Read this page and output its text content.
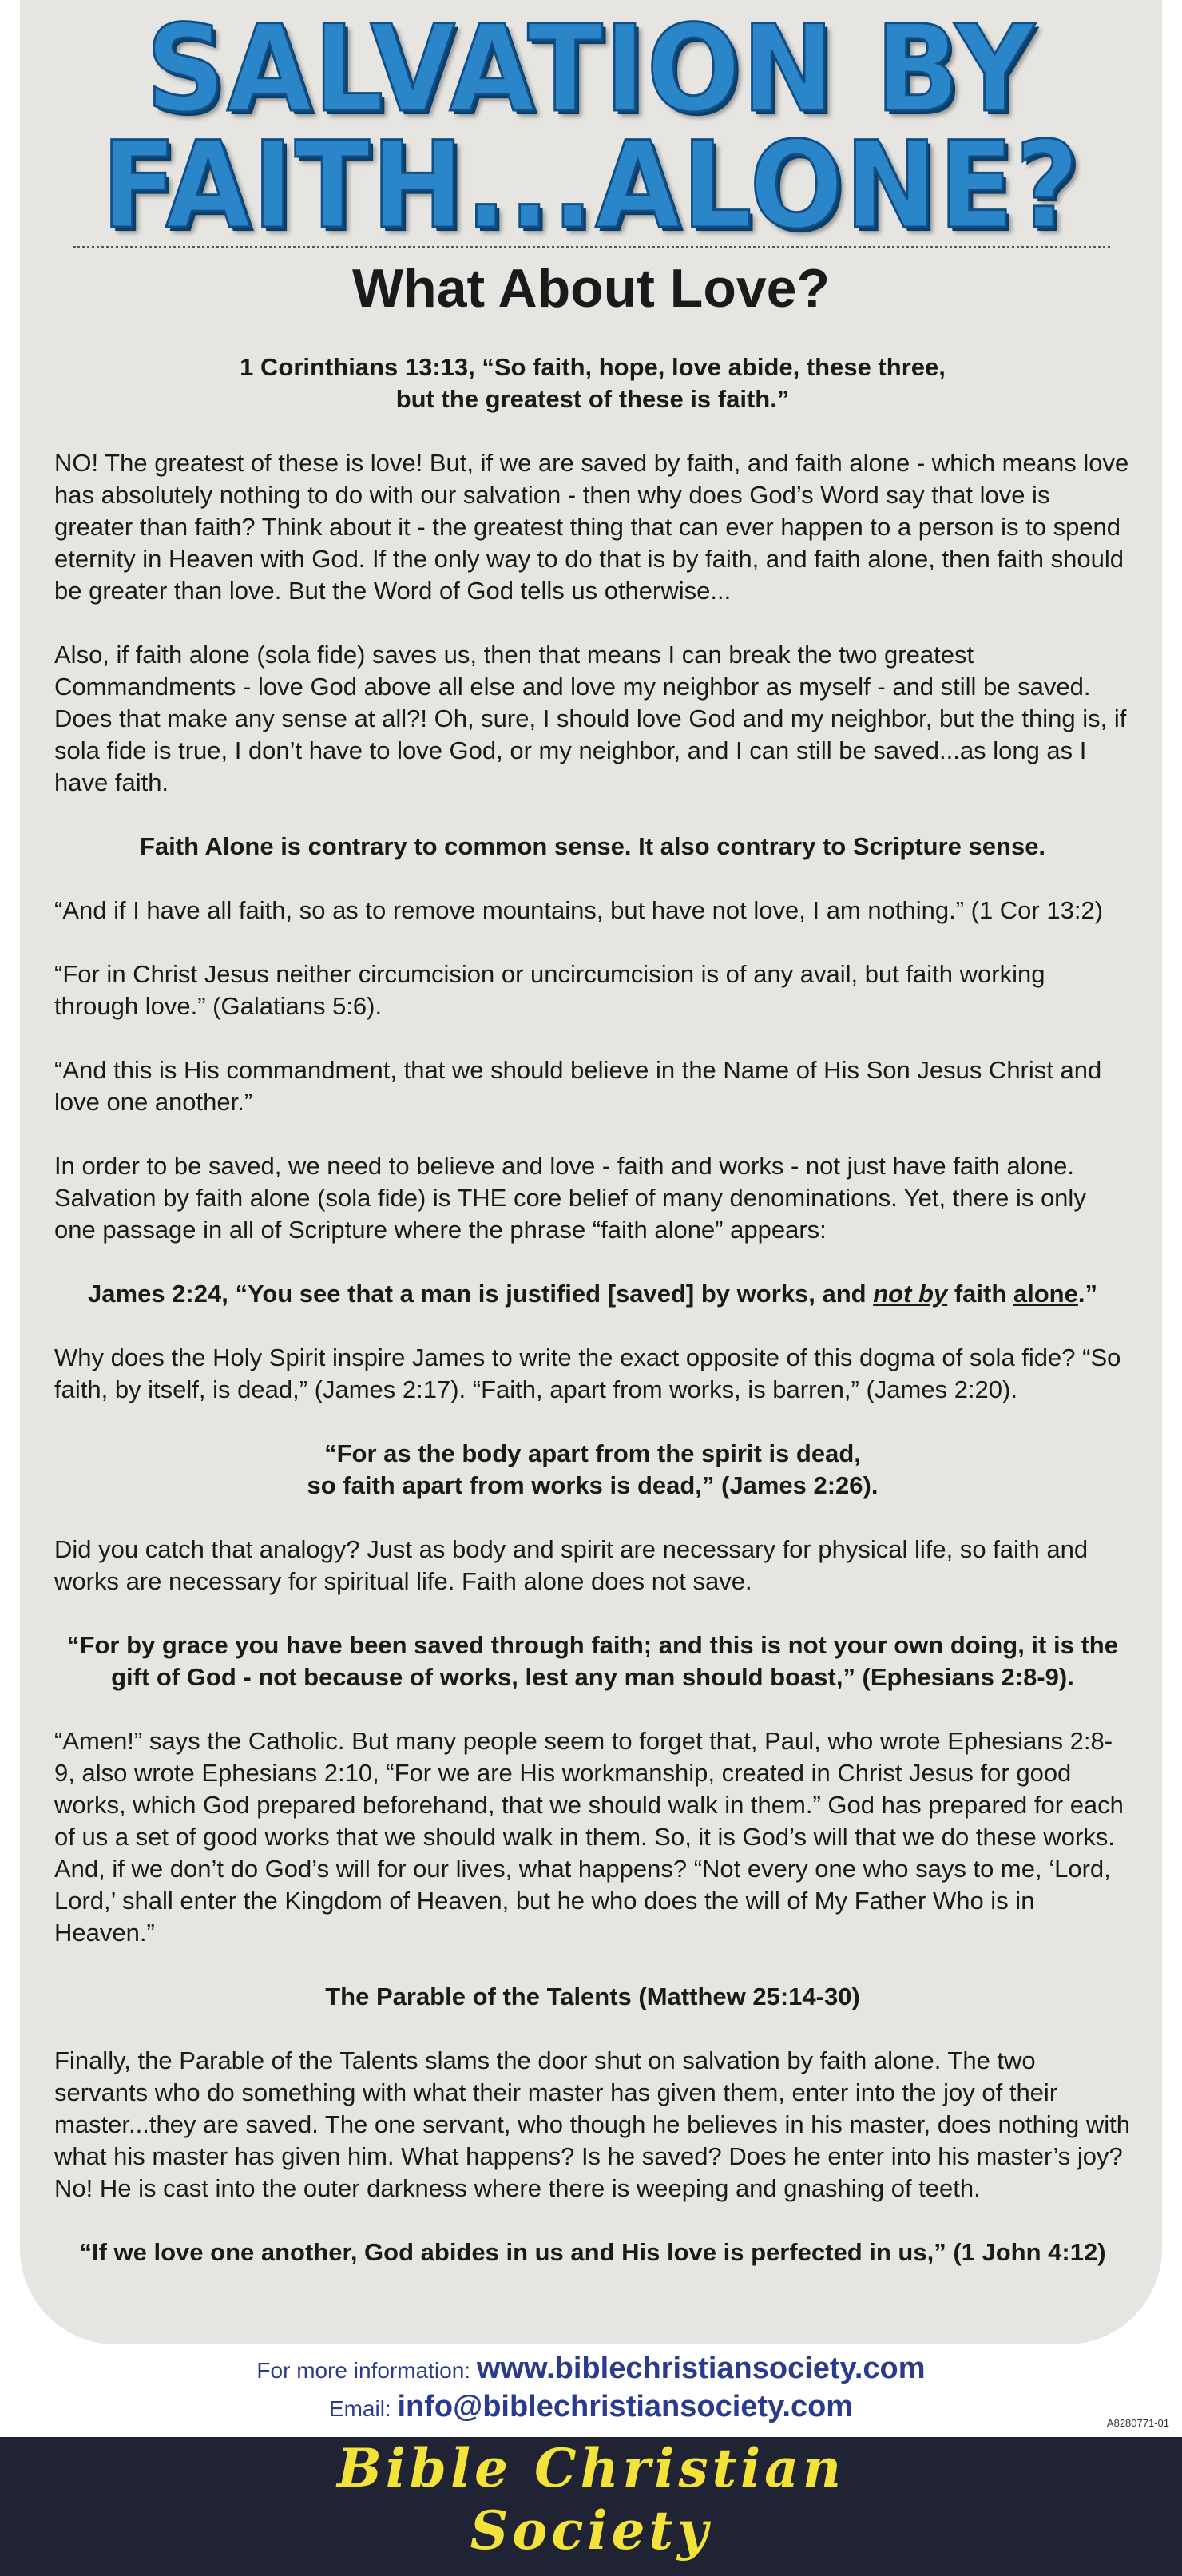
SALVATION BY
FAITH...ALONE?
What About Love?

1 Corinthians 13:13, “So faith, hope, love abide, these three,
but the greatest of these is faith.”

NO! The greatest of these is love! But, if we are saved by faith, and faith alone - which means love has absolutely nothing to do with our salvation - then why does God’s Word say that love is greater than faith? Think about it - the greatest thing that can ever happen to a person is to spend eternity in Heaven with God. If the only way to do that is by faith, and faith alone, then faith should be greater than love. But the Word of God tells us otherwise...

Also, if faith alone (sola fide) saves us, then that means I can break the two greatest Commandments - love God above all else and love my neighbor as myself - and still be saved. Does that make any sense at all?! Oh, sure, I should love God and my neighbor, but the thing is, if sola fide is true, I don’t have to love God, or my neighbor, and I can still be saved...as long as I have faith.

Faith Alone is contrary to common sense. It also contrary to Scripture sense.

“And if I have all faith, so as to remove mountains, but have not love, I am nothing.” (1 Cor 13:2)

“For in Christ Jesus neither circumcision or uncircumcision is of any avail, but faith working through love.” (Galatians 5:6).

“And this is His commandment, that we should believe in the Name of His Son Jesus Christ and love one another.”

In order to be saved, we need to believe and love - faith and works - not just have faith alone. Salvation by faith alone (sola fide) is THE core belief of many denominations. Yet, there is only one passage in all of Scripture where the phrase “faith alone” appears:

James 2:24, “You see that a man is justified [saved] by works, and not by faith alone.”

Why does the Holy Spirit inspire James to write the exact opposite of this dogma of sola fide? “So faith, by itself, is dead,” (James 2:17). “Faith, apart from works, is barren,” (James 2:20).

“For as the body apart from the spirit is dead,
so faith apart from works is dead,” (James 2:26).

Did you catch that analogy? Just as body and spirit are necessary for physical life, so faith and works are necessary for spiritual life. Faith alone does not save.

“For by grace you have been saved through faith; and this is not your own doing, it is the gift of God - not because of works, lest any man should boast,” (Ephesians 2:8-9).

“Amen!” says the Catholic. But many people seem to forget that, Paul, who wrote Ephesians 2:8-9, also wrote Ephesians 2:10, “For we are His workmanship, created in Christ Jesus for good works, which God prepared beforehand, that we should walk in them.” God has prepared for each of us a set of good works that we should walk in them. So, it is God’s will that we do these works. And, if we don’t do God’s will for our lives, what happens? “Not every one who says to me, ‘Lord, Lord,’ shall enter the Kingdom of Heaven, but he who does the will of My Father Who is in Heaven.”

The Parable of the Talents (Matthew 25:14-30)

Finally, the Parable of the Talents slams the door shut on salvation by faith alone. The two servants who do something with what their master has given them, enter into the joy of their master...they are saved. The one servant, who though he believes in his master, does nothing with what his master has given him. What happens? Is he saved? Does he enter into his master’s joy? No! He is cast into the outer darkness where there is weeping and gnashing of teeth.

“If we love one another, God abides in us and His love is perfected in us,” (1 John 4:12)

For more information: www.biblechristiansociety.com
Email: info@biblechristiansociety.com	A8280771-01
Bible Christian
Society
